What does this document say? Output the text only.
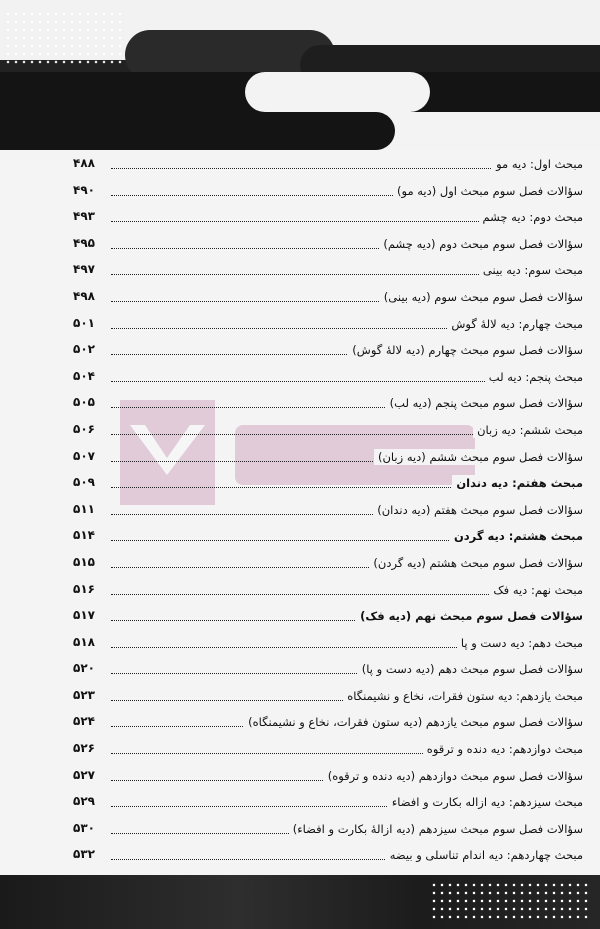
مبحث اول: دیه مو
۴۸۸
سؤالات فصل سوم مبحث اول (دیه مو)
۴۹۰
مبحث دوم: دیه چشم
۴۹۳
سؤالات فصل سوم مبحث دوم (دیه چشم)
۴۹۵
مبحث سوم: دیه بینی
۴۹۷
سؤالات فصل سوم مبحث سوم (دیه بینی)
۴۹۸
مبحث چهارم: دیه لالهٔ گوش
۵۰۱
سؤالات فصل سوم مبحث چهارم (دیه لالهٔ گوش)
۵۰۲
مبحث پنجم: دیه لب
۵۰۴
سؤالات فصل سوم مبحث پنجم (دیه لب)
۵۰۵
مبحث ششم: دیه زبان
۵۰۶
سؤالات فصل سوم مبحث ششم (دیه زبان)
۵۰۷
مبحث هفتم: دیه دندان
۵۰۹
سؤالات فصل سوم مبحث هفتم (دیه دندان)
۵۱۱
مبحث هشتم: دیه گردن
۵۱۴
سؤالات فصل سوم مبحث هشتم (دیه گردن)
۵۱۵
مبحث نهم: دیه فک
۵۱۶
سؤالات فصل سوم مبحث نهم (دیه فک)
۵۱۷
مبحث دهم: دیه دست و پا
۵۱۸
سؤالات فصل سوم مبحث دهم (دیه دست و پا)
۵۲۰
مبحث یازدهم: دیه ستون فقرات، نخاع و نشیمنگاه
۵۲۳
سؤالات فصل سوم مبحث یازدهم (دیه ستون فقرات، نخاع و نشیمنگاه)
۵۲۴
مبحث دوازدهم: دیه دنده و ترقوه
۵۲۶
سؤالات فصل سوم مبحث دوازدهم (دیه دنده و ترقوه)
۵۲۷
مبحث سیزدهم: دیه ازاله بکارت و افضاء
۵۲۹
سؤالات فصل سوم مبحث سیزدهم (دیه ازالهٔ بکارت و افضاء)
۵۳۰
مبحث چهاردهم: دیه اندام تناسلی و بیضه
۵۳۲
